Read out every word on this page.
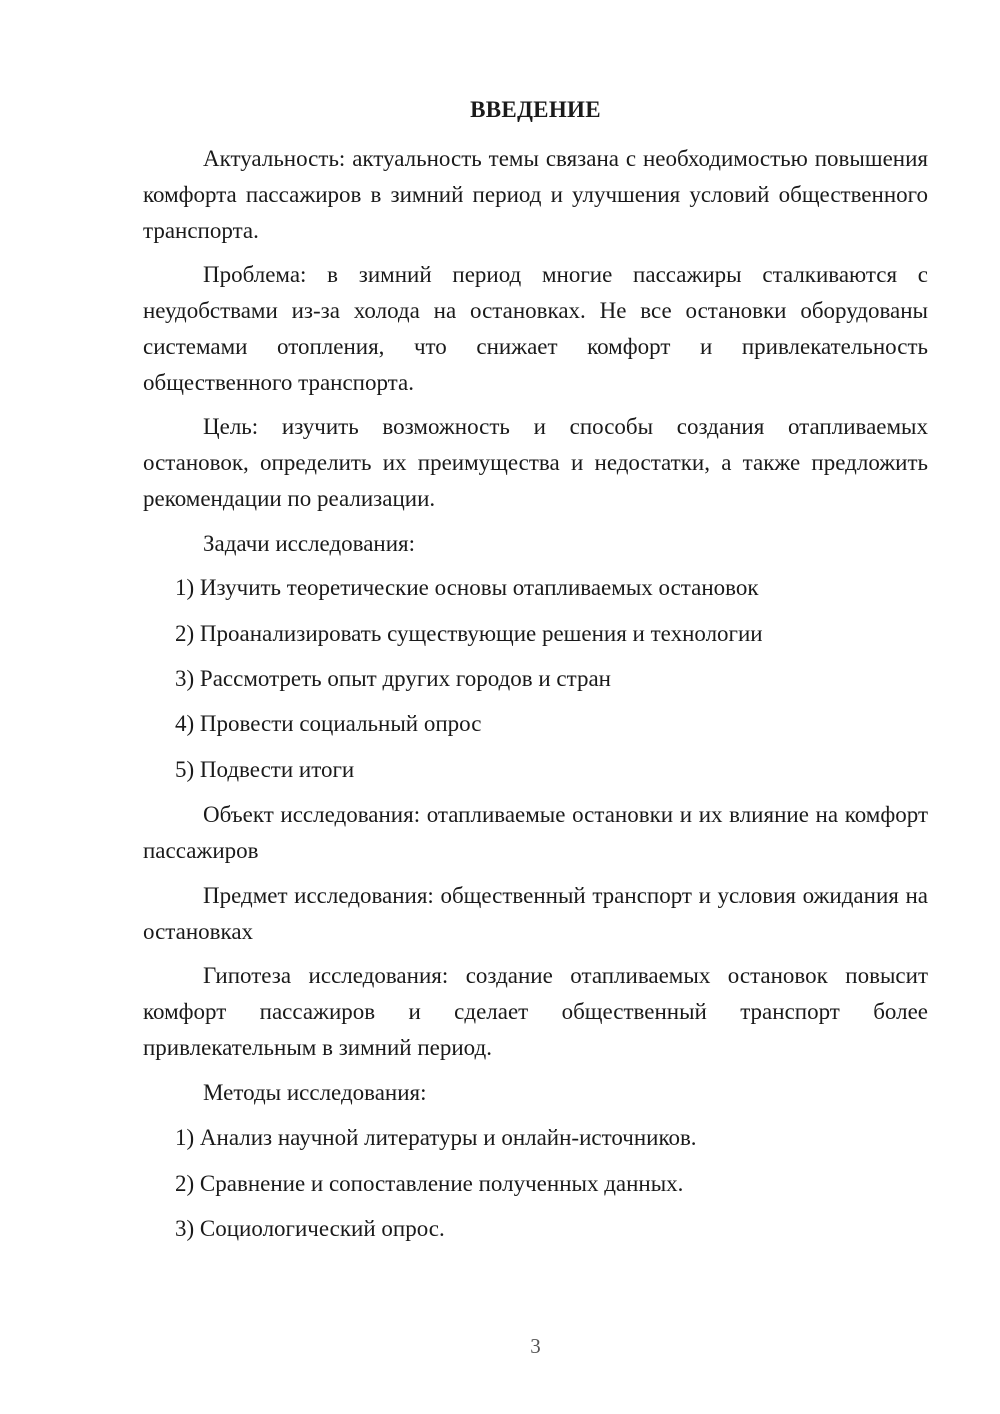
ВВЕДЕНИЕ

Актуальность: актуальность темы связана с необходимостью повышения комфорта пассажиров в зимний период и улучшения условий общественного транспорта.

Проблема: в зимний период многие пассажиры сталкиваются с неудобствами из-за холода на остановках. Не все остановки оборудованы системами отопления, что снижает комфорт и привлекательность общественного транспорта.

Цель: изучить возможность и способы создания отапливаемых остановок, определить их преимущества и недостатки, а также предложить рекомендации по реализации.

Задачи исследования:
1) Изучить теоретические основы отапливаемых остановок
2) Проанализировать существующие решения и технологии
3) Рассмотреть опыт других городов и стран
4) Провести социальный опрос
5) Подвести итоги

Объект исследования: отапливаемые остановки и их влияние на комфорт пассажиров

Предмет исследования: общественный транспорт и условия ожидания на остановках

Гипотеза исследования: создание отапливаемых остановок повысит комфорт пассажиров и сделает общественный транспорт более привлекательным в зимний период.

Методы исследования:
1) Анализ научной литературы и онлайн-источников.
2) Сравнение и сопоставление полученных данных.
3) Социологический опрос.
3
